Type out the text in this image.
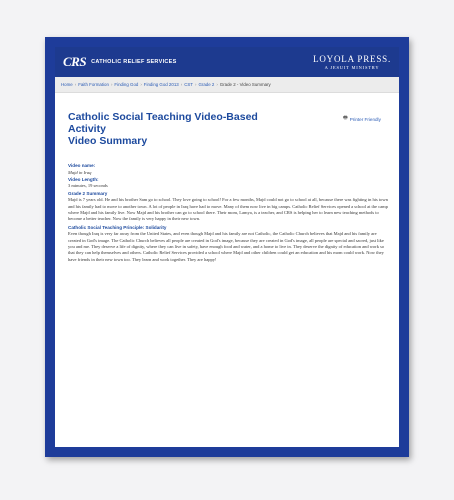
CRS CATHOLIC RELIEF SERVICES	LOYOLA PRESS.
A JESUIT MINISTRY
Home › Faith Formation › Finding God › Finding God 2013 › CST › Grade 2 › Grade 2 - Video Summary
Catholic Social Teaching Video-Based Activity
Video Summary
🖶 Printer Friendly
Video name:
Majd in Iraq
Video Length:
3 minutes, 19 seconds
Grade 2 Summary
Majd is 7 years old. He and his brother Sam go to school. They love going to school! For a few months, Majd could not go to school at all, because there was fighting in his town and his family had to move to another town. A lot of people in Iraq have had to move. Many of them now live in big camps. Catholic Relief Services opened a school at the camp where Majd and his family live. Now Majd and his brother can go to school there. Their mom, Lamya, is a teacher, and CRS is helping her to learn new teaching methods to become a better teacher. Now the family is very happy in their new town.
Catholic Social Teaching Principle: Solidarity
Even though Iraq is very far away from the United States, and even though Majd and his family are not Catholic, the Catholic Church believes that Majd and his family are created in God's image. The Catholic Church believes all people are created in God's image, because they are created in God's image, all people are special and sacred, just like you and me. They deserve a life of dignity, where they can live in safety, have enough food and water, and a home to live in. They deserve the dignity of education and work so that they can help themselves and others. Catholic Relief Services provided a school where Majd and other children could get an education and his mom could work. Now they have friends in their new town too. They learn and work together. They are happy!
